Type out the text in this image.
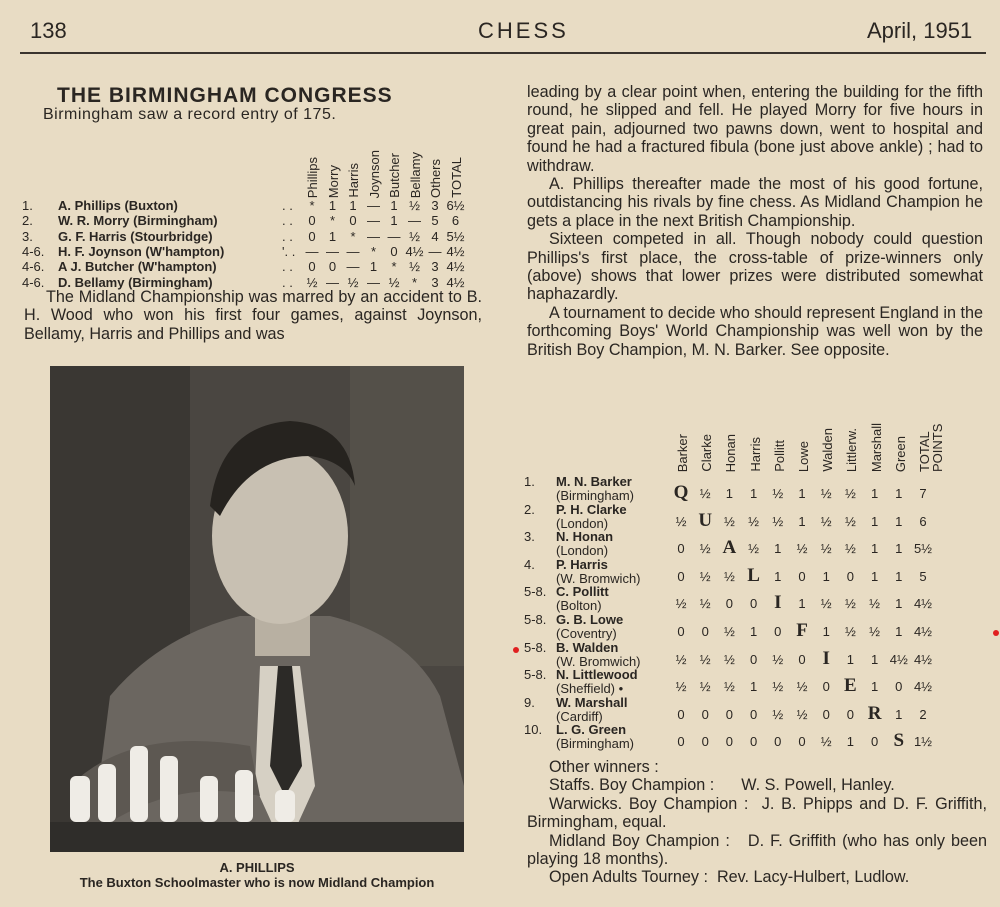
138	CHESS	April, 1951
THE BIRMINGHAM CONGRESS
Birmingham saw a record entry of 175.
Phillips Morry Harris Joynson Butcher Bellamy Others TOTAL
1. A. Phillips (Buxton)	. .	*	1	1 — 1 ½ 3 6½
2. W. R. Morry (Birmingham)	. .	0	*	0 — 1 — 5	6
3. G. F. Harris (Stourbridge)	. .	0	1	* — — ½ 4 5½
4-6. H. F. Joynson (W'hampton)	'. . — — — *	0 4½ — 4½
4-6. A J. Butcher (W'hampton)	. .	0	0 — 1	* ½ 3 4½
4-6. D. Bellamy (Birmingham)	. .	½ — ½ — ½ *	3 4½

The Midland Championship was marred by an accident to B. H. Wood who won his first four games, against Joynson, Bellamy, Harris and Phillips and was

A. PHILLIPS
The Buxton Schoolmaster who is now Midland Champion

leading by a clear point when, entering the building for the fifth round, he slipped and fell. He played Morry for five hours in great pain, adjourned two pawns down, went to hospital and found he had a fractured fibula (bone just above ankle) ; had to withdraw.

A. Phillips thereafter made the most of his good fortune, outdistancing his rivals by fine chess. As Midland Champion he gets a place in the next British Championship.

Sixteen competed in all. Though nobody could question Phillips's first place, the cross-table of prize-winners only (above) shows that lower prizes were distributed somewhat haphazardly.

A tournament to decide who should represent England in the forthcoming Boys' World Championship was well won by the British Boy Champion, M. N. Barker. See opposite.

Barker Clarke Honan Harris Pollitt Lowe Walden Littlerw. Marshall Green TOTAL POINTS
1. M. N. Barker
(Birmingham) Q ½	1	1	½	1	½	½	1	1	7
2. P. H. Clarke
(London)	½ U ½	½	½	1	½	½	1	1	6
3. N. Honan
(London)	0	½ A ½	1	½	½	½	1	1 5½
4. P. Harris
(W. Bromwich)	0	½	½ L	1	0	1	0	1	1	5
5-8. C. Pollitt
(Bolton)	½	½	0	0 I	1	½	½	½	1 4½
5-8. G. B. Lowe
(Coventry)	0	0	½	1	0 F	1	½	½	1 4½
5-8. B. Walden
(W. Bromwich)	½	½	½	0	½	0 I	1	1 4½ 4½
5-8. N. Littlewood
(Sheffield) •	½	½	½	1	½	½	0 E	1	0 4½
9. W. Marshall
(Cardiff)	0	0	0	0	½	½	0	0 R	1	2
10. L. G. Green
(Birmingham)	0	0	0	0	0	0	½	1	0 S 1½

Other winners :

Staffs. Boy Champion :      W. S. Powell, Hanley.

Warwicks. Boy Champion :  J. B. Phipps and D. F. Griffith, Birmingham, equal.

Midland Boy Champion :   D. F. Griffith (who has only been playing 18 months).

Open Adults Tourney :  Rev. Lacy-Hulbert, Ludlow.
